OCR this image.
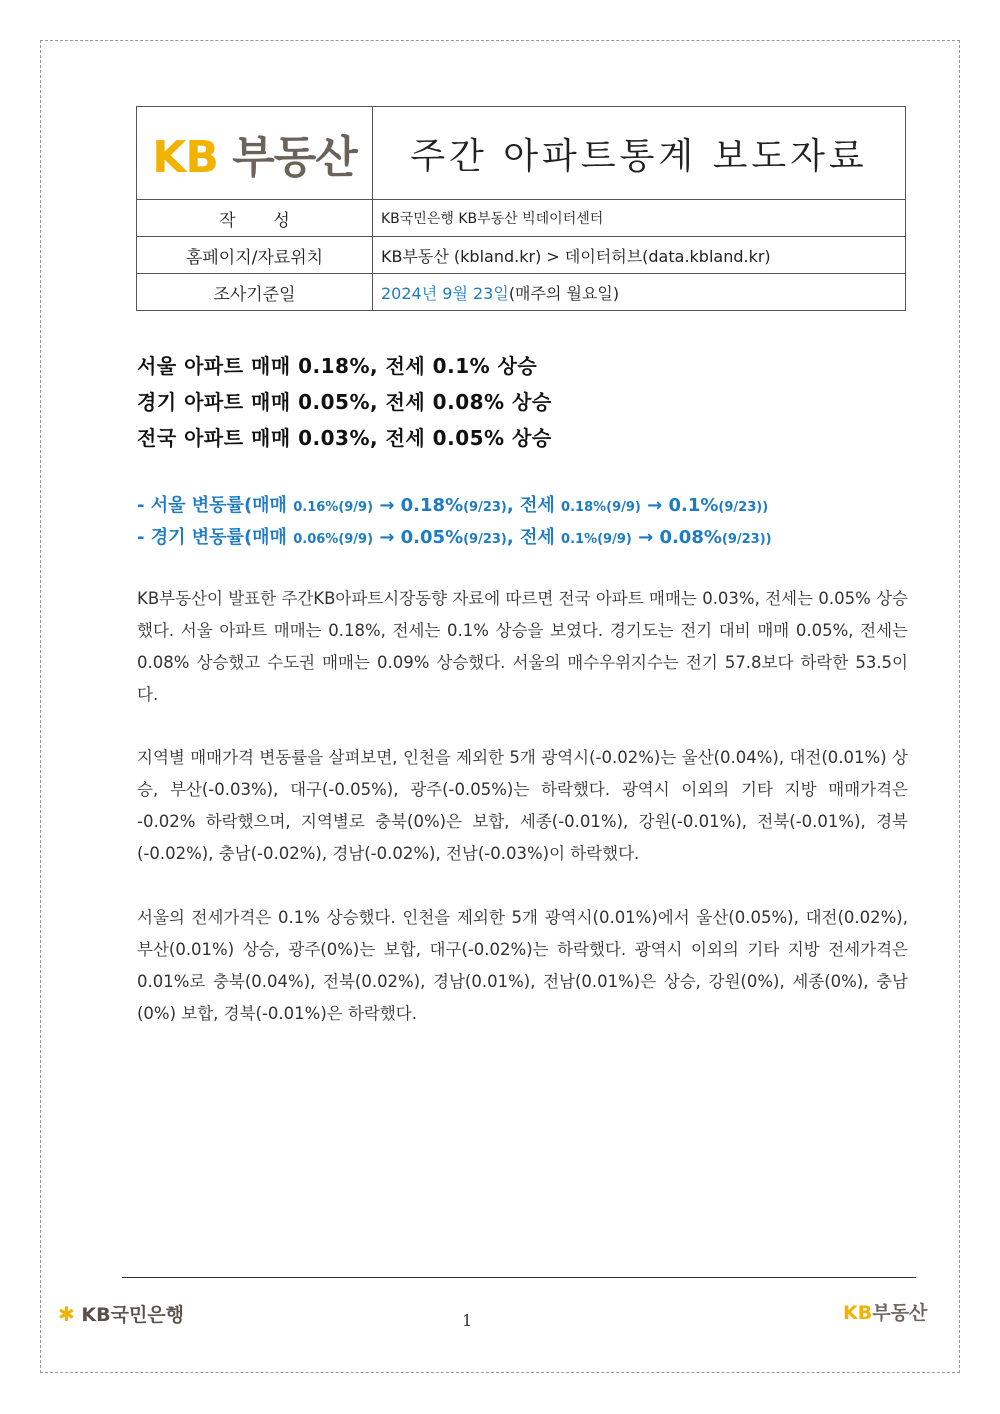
KB 부동산	주간 아파트통계 보도자료
작       성	KB국민은행 KB부동산 빅데이터센터
홈페이지/자료위치	KB부동산 (kbland.kr) > 데이터허브(data.kbland.kr)
조사기준일	2024년 9월 23일(매주의 월요일)
서울 아파트 매매 0.18%, 전세 0.1% 상승
경기 아파트 매매 0.05%, 전세 0.08% 상승
전국 아파트 매매 0.03%, 전세 0.05% 상승
- 서울 변동률(매매 0.16%(9/9) → 0.18%(9/23), 전세 0.18%(9/9) → 0.1%(9/23))
- 경기 변동률(매매 0.06%(9/9) → 0.05%(9/23), 전세 0.1%(9/9) → 0.08%(9/23))
KB부동산이 발표한 주간KB아파트시장동향 자료에 따르면 전국 아파트 매매는 0.03%, 전세는 0.05% 상승했다. 서울 아파트 매매는 0.18%, 전세는 0.1% 상승을 보였다. 경기도는 전기 대비 매매 0.05%, 전세는 0.08% 상승했고 수도권 매매는 0.09% 상승했다. 서울의 매수우위지수는 전기 57.8보다 하락한 53.5이다.
지역별 매매가격 변동률을 살펴보면, 인천을 제외한 5개 광역시(-0.02%)는 울산(0.04%), 대전(0.01%) 상승, 부산(-0.03%), 대구(-0.05%), 광주(-0.05%)는 하락했다. 광역시 이외의 기타 지방 매매가격은 -0.02% 하락했으며, 지역별로 충북(0%)은 보합, 세종(-0.01%), 강원(-0.01%), 전북(-0.01%), 경북(-0.02%), 충남(-0.02%), 경남(-0.02%), 전남(-0.03%)이 하락했다.
서울의 전세가격은 0.1% 상승했다. 인천을 제외한 5개 광역시(0.01%)에서 울산(0.05%), 대전(0.02%), 부산(0.01%) 상승, 광주(0%)는 보합, 대구(-0.02%)는 하락했다. 광역시 이외의 기타 지방 전세가격은 0.01%로 충북(0.04%), 전북(0.02%), 경남(0.01%), 전남(0.01%)은 상승, 강원(0%), 세종(0%), 충남(0%) 보합, 경북(-0.01%)은 하락했다.
✱ KB국민은행	1	KB부동산
